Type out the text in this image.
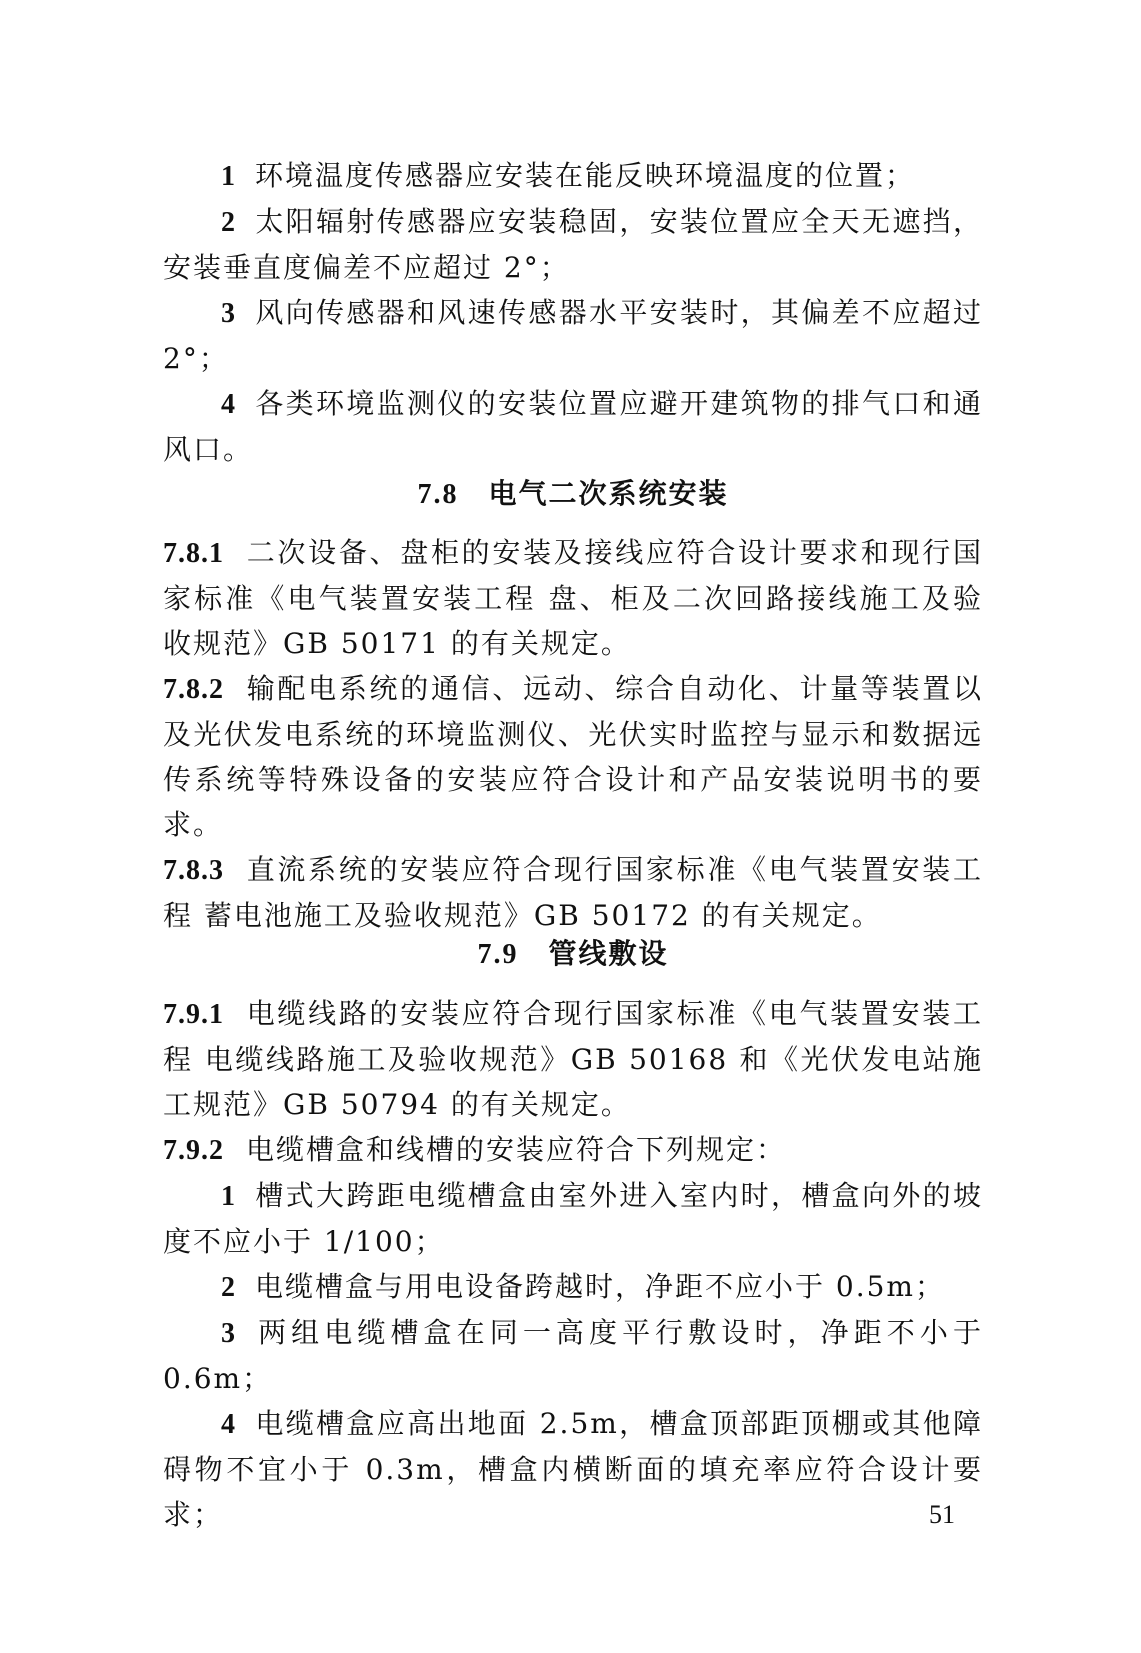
1 环境温度传感器应安装在能反映环境温度的位置；

2 太阳辐射传感器应安装稳固，安装位置应全天无遮挡，安装垂直度偏差不应超过 2°；

3 风向传感器和风速传感器水平安装时，其偏差不应超过 2°；

4 各类环境监测仪的安装位置应避开建筑物的排气口和通风口。

7.8 电气二次系统安装

7.8.1 二次设备、盘柜的安装及接线应符合设计要求和现行国家标准《电气装置安装工程 盘、柜及二次回路接线施工及验收规范》GB 50171 的有关规定。

7.8.2 输配电系统的通信、远动、综合自动化、计量等装置以及光伏发电系统的环境监测仪、光伏实时监控与显示和数据远传系统等特殊设备的安装应符合设计和产品安装说明书的要求。

7.8.3 直流系统的安装应符合现行国家标准《电气装置安装工程 蓄电池施工及验收规范》GB 50172 的有关规定。

7.9 管线敷设

7.9.1 电缆线路的安装应符合现行国家标准《电气装置安装工程 电缆线路施工及验收规范》GB 50168 和《光伏发电站施工规范》GB 50794 的有关规定。

7.9.2 电缆槽盒和线槽的安装应符合下列规定：

1 槽式大跨距电缆槽盒由室外进入室内时，槽盒向外的坡度不应小于 1/100；

2 电缆槽盒与用电设备跨越时，净距不应小于 0.5m；

3 两组电缆槽盒在同一高度平行敷设时，净距不小于 0.6m；

4 电缆槽盒应高出地面 2.5m，槽盒顶部距顶棚或其他障碍物不宜小于 0.3m，槽盒内横断面的填充率应符合设计要求；	51
